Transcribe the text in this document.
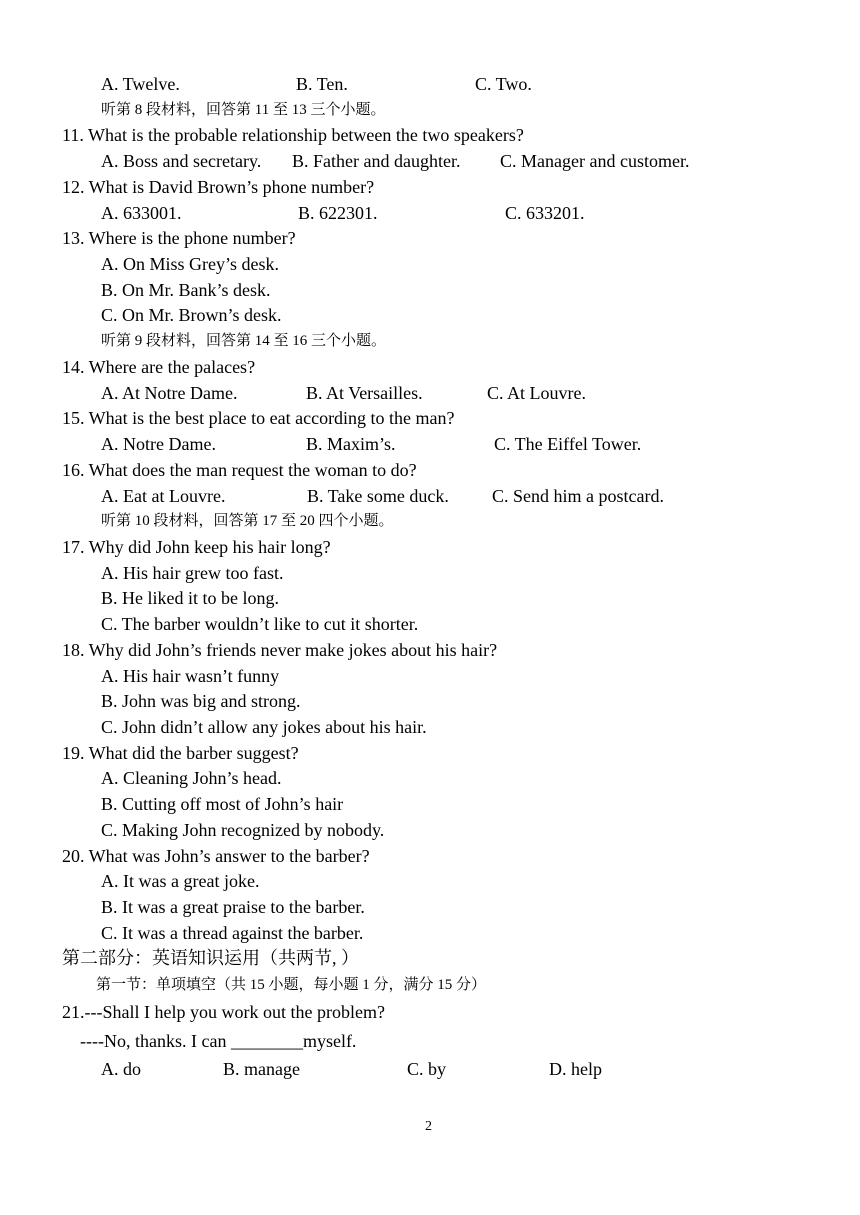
A. Twelve.	B. Ten.	C. Two.
听第 8 段材料，回答第 11 至 13 三个小题。
11. What is the probable relationship between the two speakers?
A. Boss and secretary. B. Father and daughter. C. Manager and customer.
12. What is David Brown’s phone number?
A. 633001.	B. 622301.	C. 633201.
13. Where is the phone number?
A. On Miss Grey’s desk.
B. On Mr. Bank’s desk.
C. On Mr. Brown’s desk.
听第 9 段材料，回答第 14 至 16 三个小题。
14. Where are the palaces?
A. At Notre Dame.	B. At Versailles.	C. At Louvre.
15. What is the best place to eat according to the man?
A. Notre Dame.	B. Maxim’s.	C. The Eiffel Tower.
16. What does the man request the woman to do?
A. Eat at Louvre.	B. Take some duck. C. Send him a postcard.
听第 10 段材料，回答第 17 至 20 四个小题。
17. Why did John keep his hair long?
A. His hair grew too fast.
B. He liked it to be long.
C. The barber wouldn’t like to cut it shorter.
18. Why did John’s friends never make jokes about his hair?
A. His hair wasn’t funny
B. John was big and strong.
C. John didn’t allow any jokes about his hair.
19. What did the barber suggest?
A. Cleaning John’s head.
B. Cutting off most of John’s hair
C. Making John recognized by nobody.
20. What was John’s answer to the barber?
A. It was a great joke.
B. It was a great praise to the barber.
C. It was a thread against the barber.
第二部分：英语知识运用（共两节, ）
第一节：单项填空（共 15 小题，每小题 1 分，满分 15 分）
21.---Shall I help you work out the problem?
----No, thanks. I can ________myself.
A. do	B. manage	C. by	D. help
2
